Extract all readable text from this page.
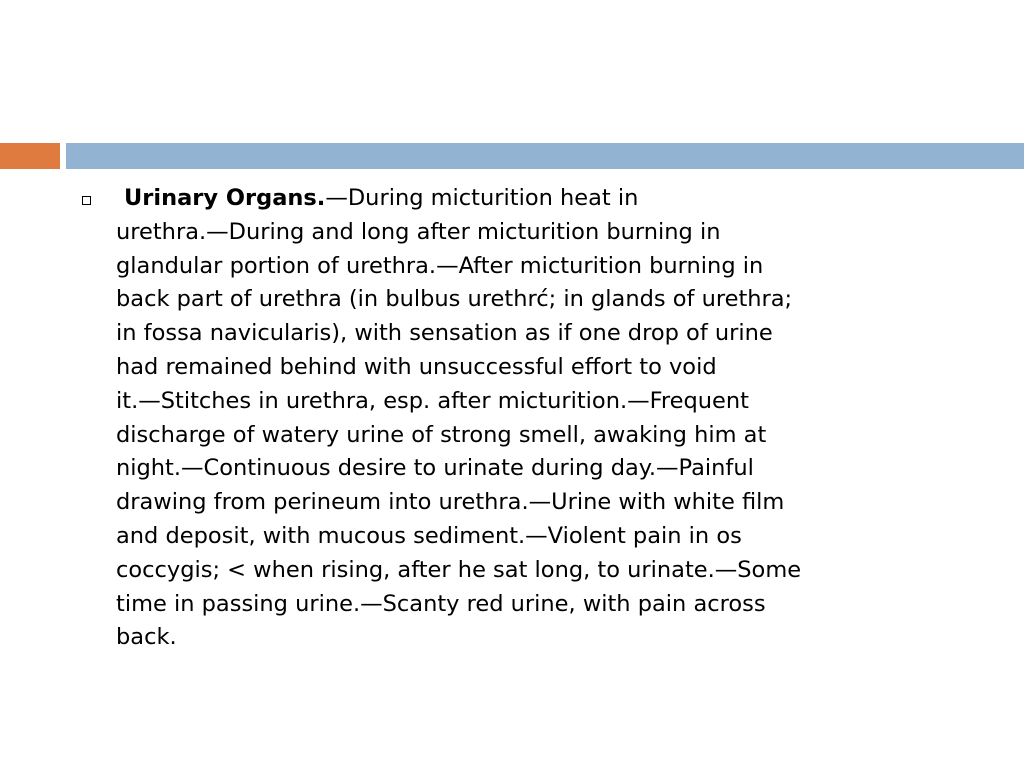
Urinary Organs.—During micturition heat in
urethra.—During and long after micturition burning in
glandular portion of urethra.—After micturition burning in
back part of urethra (in bulbus urethrć; in glands of urethra;
in fossa navicularis), with sensation as if one drop of urine
had remained behind with unsuccessful effort to void
it.—Stitches in urethra, esp. after micturition.—Frequent
discharge of watery urine of strong smell, awaking him at
night.—Continuous desire to urinate during day.—Painful
drawing from perineum into urethra.—Urine with white film
and deposit, with mucous sediment.—Violent pain in os
coccygis; < when rising, after he sat long, to urinate.—Some
time in passing urine.—Scanty red urine, with pain across
back.
